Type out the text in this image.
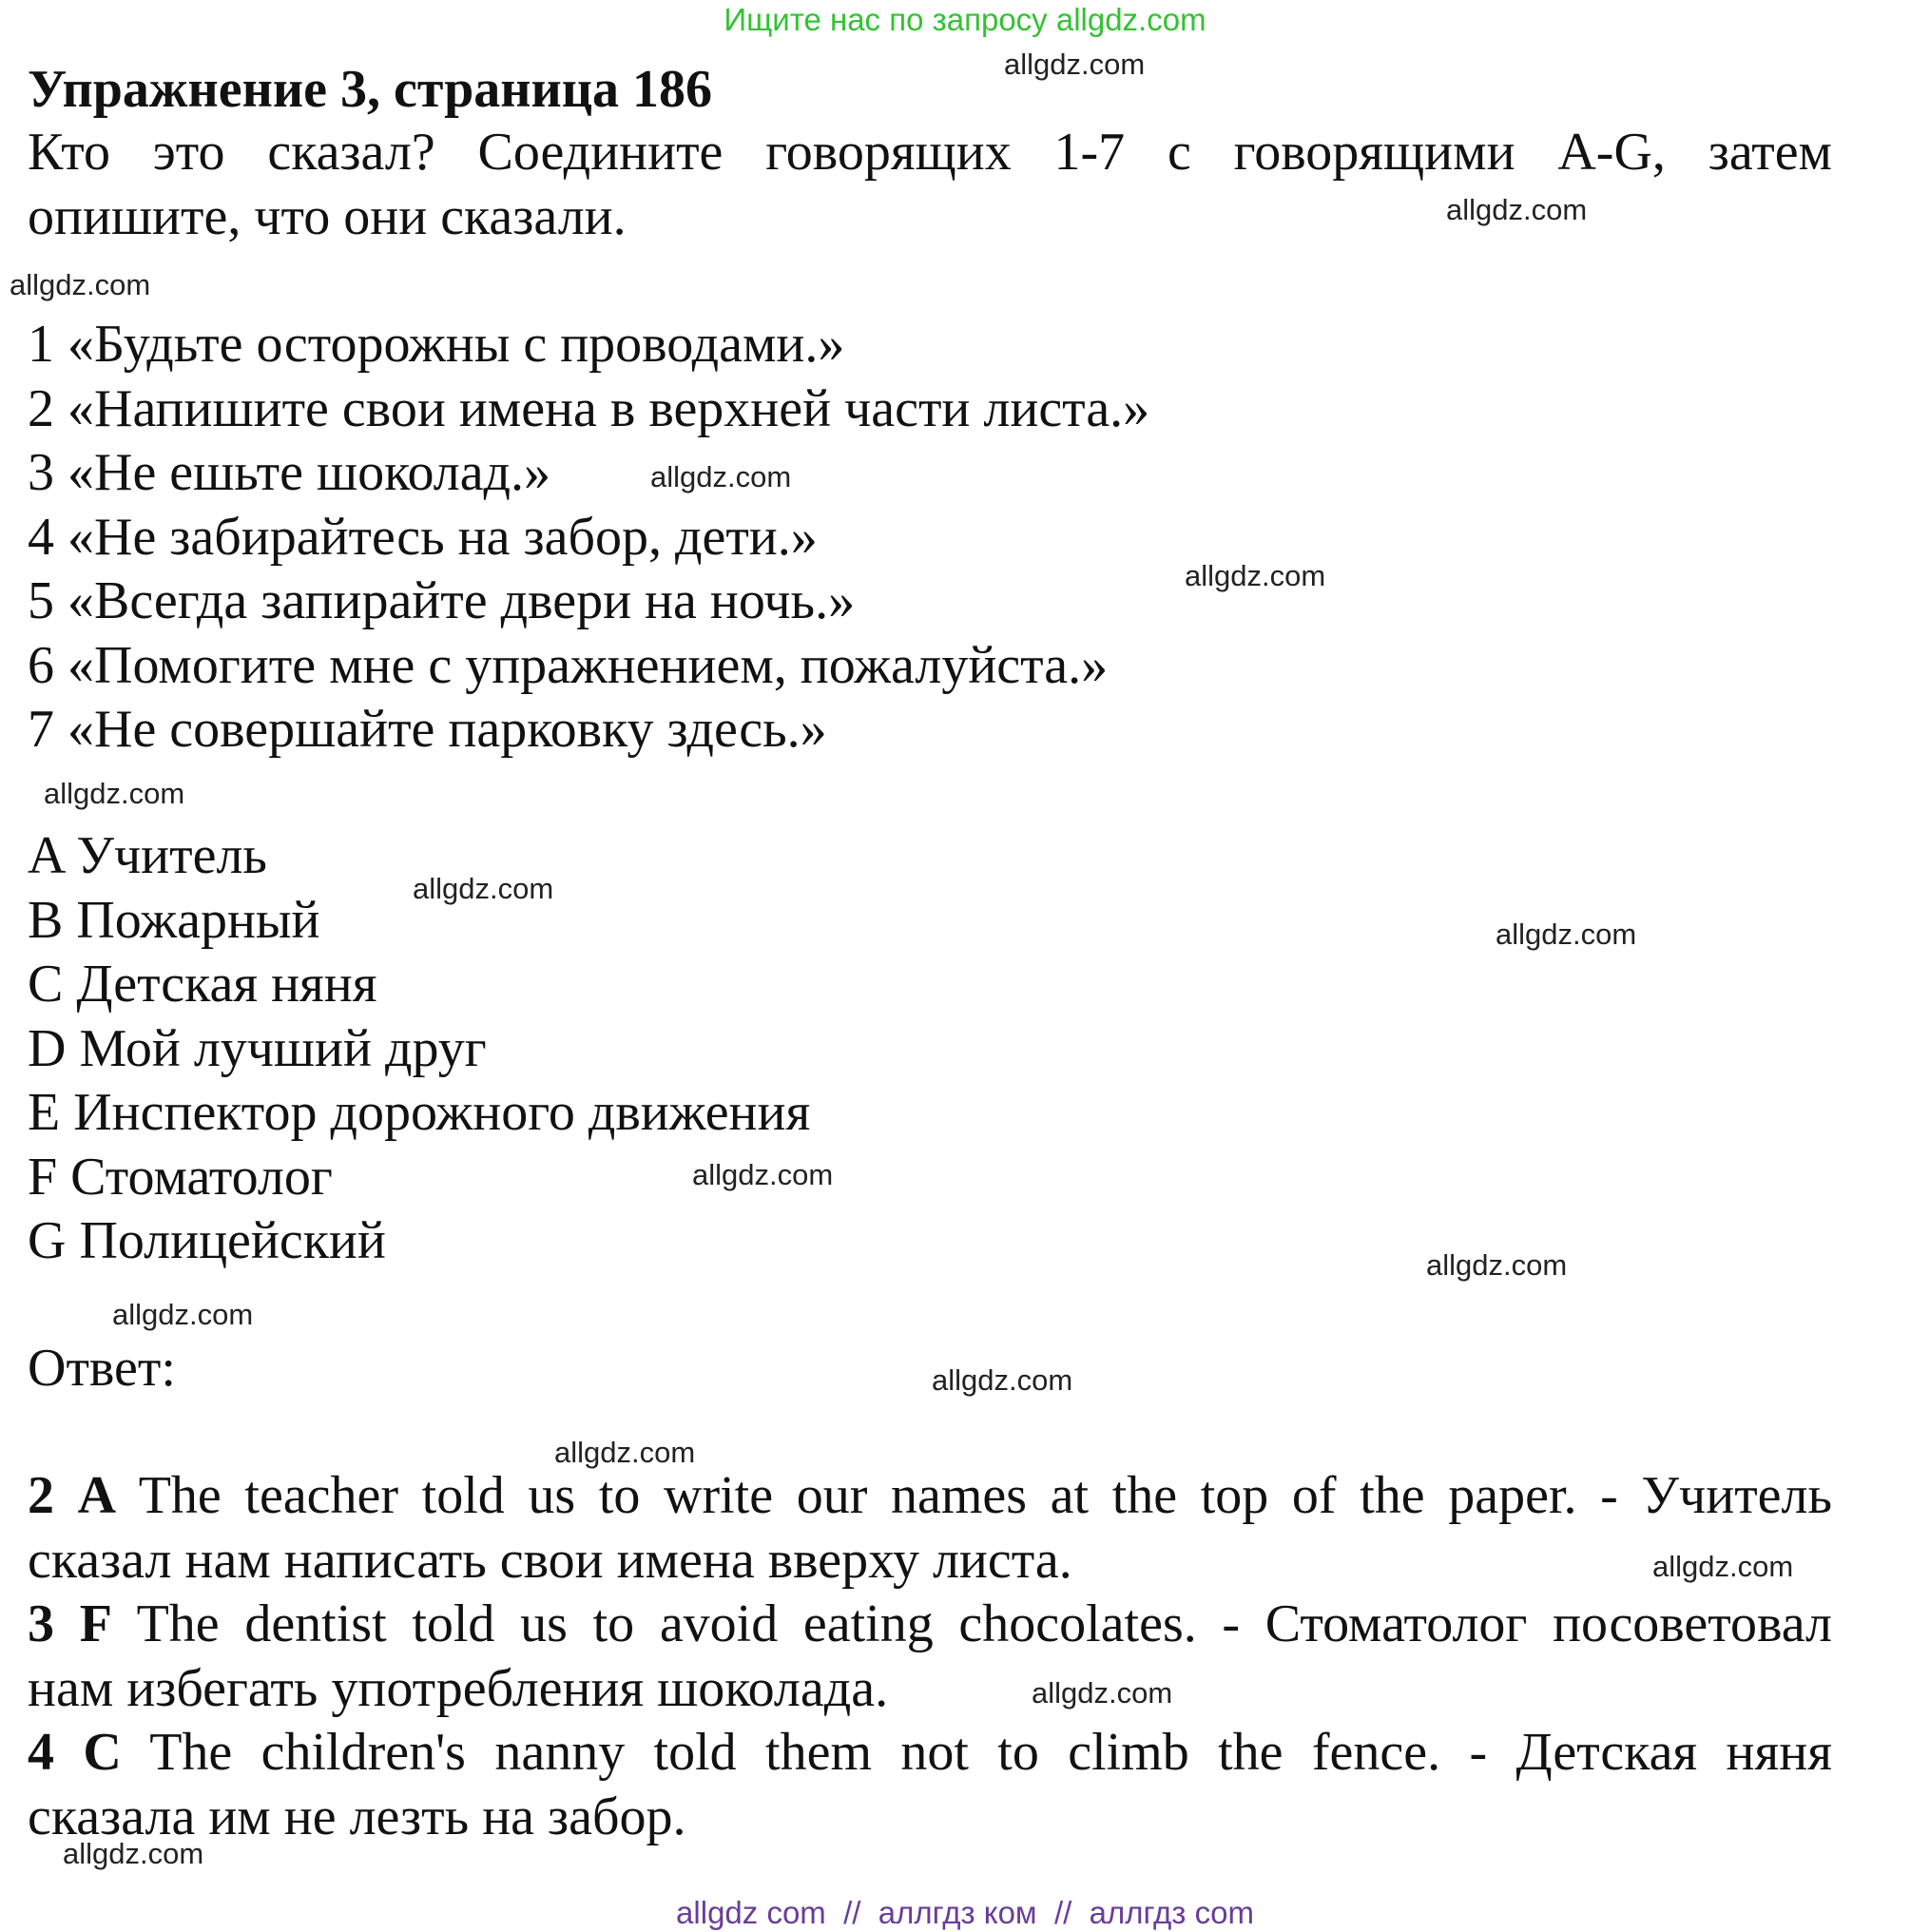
Ищите нас по запросу allgdz.com
Упражнение 3, страница 186
Кто это сказал? Соедините говорящих 1-7 с говорящими A-G, затем
опишите, что они сказали.
1 «Будьте осторожны с проводами.»
2 «Напишите свои имена в верхней части листа.»
3 «Не ешьте шоколад.»
4 «Не забирайтесь на забор, дети.»
5 «Всегда запирайте двери на ночь.»
6 «Помогите мне с упражнением, пожалуйста.»
7 «Не совершайте парковку здесь.»
A Учитель
B Пожарный
C Детская няня
D Мой лучший друг
E Инспектор дорожного движения
F Стоматолог
G Полицейский
Ответ:
2 A The teacher told us to write our names at the top of the paper. - Учитель
сказал нам написать свои имена вверху листа.
3 F The dentist told us to avoid eating chocolates. - Стоматолог посоветовал
нам избегать употребления шоколада.
4 C The children's nanny told them not to climb the fence. - Детская няня
сказала им не лезть на забор.
allgdz.com
allgdz.com
allgdz.com
allgdz.com
allgdz.com
allgdz.com
allgdz.com
allgdz.com
allgdz.com
allgdz.com
allgdz.com
allgdz.com
allgdz.com
allgdz.com
allgdz.com
allgdz.com
allgdz com  //  аллгдз ком  //  аллгдз com
